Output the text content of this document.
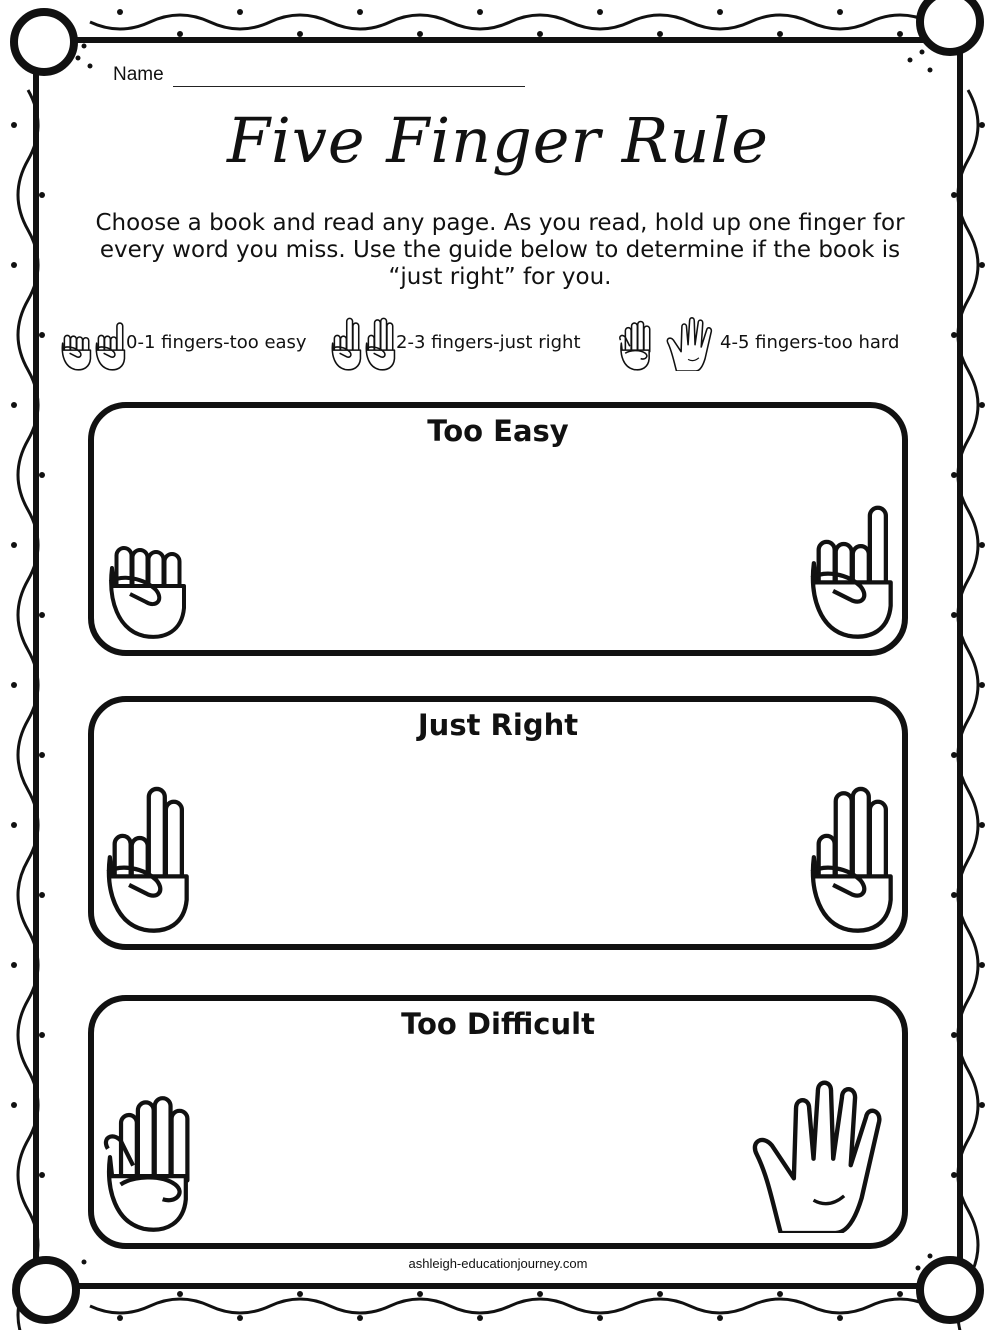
Name
Five Finger Rule
Choose a book and read any page. As you read, hold up one finger for every word you miss. Use the guide below to determine if the book is “just right” for you.
0-1 fingers-too easy	2-3 fingers-just right	4-5 fingers-too hard
Too Easy
Just Right
Too Difficult
ashleigh-educationjourney.com
